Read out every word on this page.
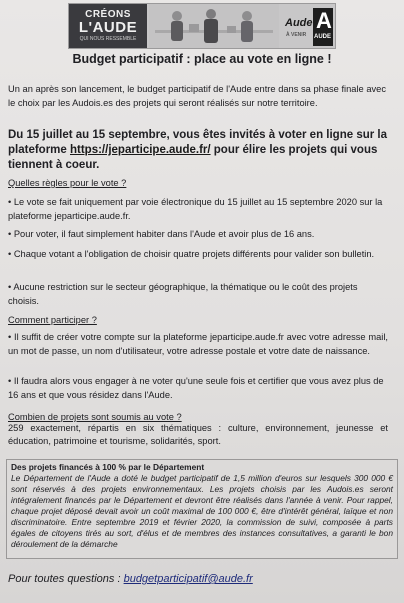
CRÉONS
L'AUDE
QUI NOUS RESSEMBLE
Aude
À VENIR
A
AUDE
Budget participatif : place au vote en ligne !

Un an après son lancement, le budget participatif de l'Aude entre dans sa phase finale avec le choix par les Audois.es des projets qui seront réalisés sur notre territoire.

Du 15 juillet au 15 septembre, vous êtes invités à voter en ligne sur la plateforme https://jeparticipe.aude.fr/ pour élire les projets qui vous tiennent à coeur.

Quelles règles pour le vote ?

• Le vote se fait uniquement par voie électronique du 15 juillet au 15 septembre 2020 sur la plateforme jeparticipe.aude.fr.

• Pour voter, il faut simplement habiter dans l'Aude et avoir plus de 16 ans.

• Chaque votant a l'obligation de choisir quatre projets différents pour valider son bulletin.

• Aucune restriction sur le secteur géographique, la thématique ou le coût des projets choisis.

Comment participer ?

• Il suffit de créer votre compte sur la plateforme jeparticipe.aude.fr avec votre adresse mail, un mot de passe, un nom d'utilisateur, votre adresse postale et votre date de naissance.

• Il faudra alors vous engager à ne voter qu'une seule fois et certifier que vous avez plus de 16 ans et que vous résidez dans l'Aude.

Combien de projets sont soumis au vote ?

259 exactement, répartis en six thématiques : culture, environnement, jeunesse et éducation, patrimoine et tourisme, solidarités, sport.

Des projets financés à 100 % par le Département

Le Département de l'Aude a doté le budget participatif de 1,5 million d'euros sur lesquels 300 000 € sont réservés à des projets environnementaux. Les projets choisis par les Audois.es seront intégralement financés par le Département et devront être réalisés dans l'année à venir. Pour rappel, chaque projet déposé devait avoir un coût maximal de 100 000 €, être d'intérêt général, laïque et non discriminatoire. Entre septembre 2019 et février 2020, la commission de suivi, composée à parts égales de citoyens tirés au sort, d'élus et de membres des instances consultatives, a garanti le bon déroulement de la démarche

Pour toutes questions : budgetparticipatif@aude.fr
